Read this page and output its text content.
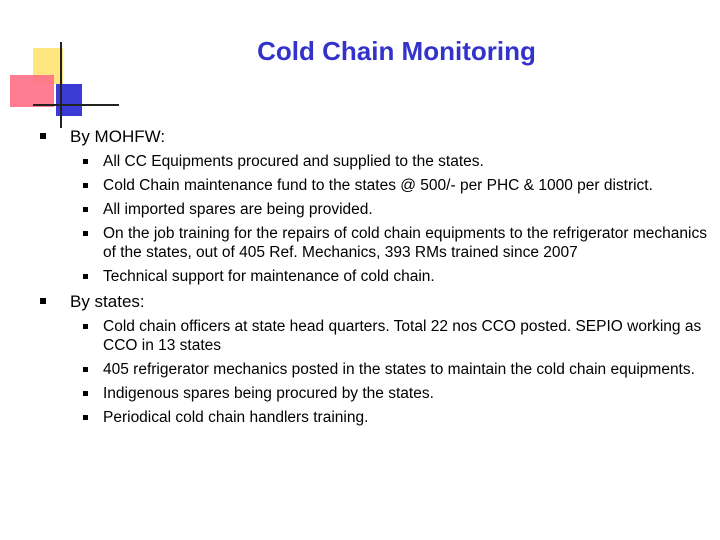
Cold Chain Monitoring
By MOHFW:
All CC Equipments procured and supplied to the states.
Cold Chain maintenance fund to the states @ 500/- per PHC & 1000 per district.
All imported spares are being provided.
On the job training for the repairs of cold chain equipments to the refrigerator mechanics of the states, out of 405 Ref. Mechanics, 393 RMs trained since 2007
Technical support for maintenance of cold chain.
By states:
Cold chain officers at state head quarters. Total 22 nos CCO posted. SEPIO working as CCO in 13 states
405 refrigerator mechanics posted in the states to maintain the cold chain equipments.
Indigenous spares being procured by the states.
Periodical cold chain handlers training.
